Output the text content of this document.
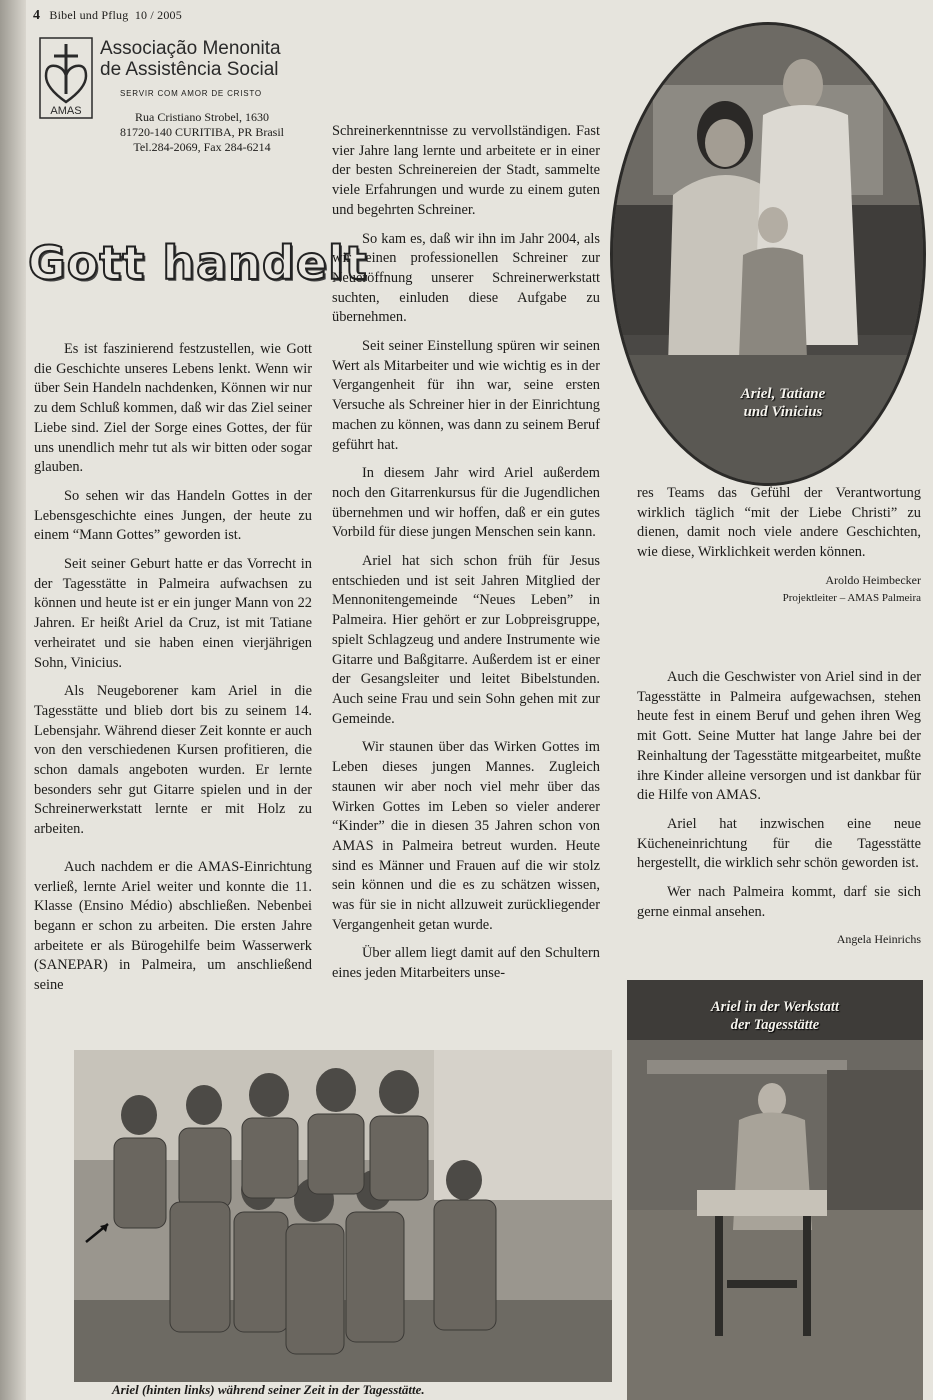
4 Bibel und Pflug 10 / 2005
AMAS
Associação Menonita
de Assistência Social
SERVIR COM AMOR DE CRISTO
Rua Cristiano Strobel, 1630
81720-140 CURITIBA, PR Brasil
Tel.284-2069, Fax 284-6214
Gott handelt

Es ist faszinierend festzustellen, wie Gott die Geschichte unseres Lebens lenkt. Wenn wir über Sein Handeln nachdenken, Können wir nur zu dem Schluß kommen, daß wir das Ziel seiner Liebe sind. Ziel der Sorge eines Gottes, der für uns unendlich mehr tut als wir bitten oder sogar glauben.

So sehen wir das Handeln Gottes in der Lebensgeschichte eines Jungen, der heute zu einem “Mann Gottes” geworden ist.

Seit seiner Geburt hatte er das Vorrecht in der Tagesstätte in Palmeira aufwachsen zu können und heute ist er ein junger Mann von 22 Jahren. Er heißt Ariel da Cruz, ist mit Tatiane verheiratet und sie haben einen vierjährigen Sohn, Vinicius.

Als Neugeborener kam Ariel in die Tagesstätte und blieb dort bis zu seinem 14. Lebensjahr. Während dieser Zeit konnte er auch von den verschiedenen Kursen profitieren, die schon damals angeboten wurden. Er lernte besonders sehr gut Gitarre spielen und in der Schreinerwerkstatt lernte er mit Holz zu arbeiten.

Auch nachdem er die AMAS-Einrichtung verließ, lernte Ariel weiter und konnte die 11. Klasse (Ensino Médio) abschließen. Nebenbei begann er schon zu arbeiten. Die ersten Jahre arbeitete er als Bürogehilfe beim Wasserwerk (SANEPAR) in Palmeira, um anschließend seine

Schreinerkenntnisse zu vervollständigen. Fast vier Jahre lang lernte und arbeitete er in einer der besten Schreinereien der Stadt, sammelte viele Erfahrungen und wurde zu einem guten und begehrten Schreiner.

So kam es, daß wir ihn im Jahr 2004, als wir einen professionellen Schreiner zur Neueröffnung unserer Schreinerwerkstatt suchten, einluden diese Aufgabe zu übernehmen.

Seit seiner Einstellung spüren wir seinen Wert als Mitarbeiter und wie wichtig es in der Vergangenheit für ihn war, seine ersten Versuche als Schreiner hier in der Einrichtung machen zu können, was dann zu seinem Beruf geführt hat.

In diesem Jahr wird Ariel außerdem noch den Gitarrenkursus für die Jugendlichen übernehmen und wir hoffen, daß er ein gutes Vorbild für diese jungen Menschen sein kann.

Ariel hat sich schon früh für Jesus entschieden und ist seit Jahren Mitglied der Mennonitengemeinde “Neues Leben” in Palmeira. Hier gehört er zur Lobpreisgruppe, spielt Schlagzeug und andere Instrumente wie Gitarre und Baßgitarre. Außerdem ist er einer der Gesangsleiter und leitet Bibelstunden. Auch seine Frau und sein Sohn gehen mit zur Gemeinde.

Wir staunen über das Wirken Gottes im Leben dieses jungen Mannes. Zugleich staunen wir aber noch viel mehr über das Wirken Gottes im Leben so vieler anderer “Kinder” die in diesen 35 Jahren schon von AMAS in Palmeira betreut wurden. Heute sind es Männer und Frauen auf die wir stolz sein können und die es zu schätzen wissen, was für sie in nicht allzuweit zurückliegender Vergangenheit getan wurde.

Über allem liegt damit auf den Schultern eines jeden Mitarbeiters unse-

res Teams das Gefühl der Verantwortung wirklich täglich “mit der Liebe Christi” zu dienen, damit noch viele andere Geschichten, wie diese, Wirklichkeit werden können.

Aroldo Heimbecker
Projektleiter – AMAS Palmeira

Auch die Geschwister von Ariel sind in der Tagesstätte in Palmeira aufgewachsen, stehen heute fest in einem Beruf und gehen ihren Weg mit Gott. Seine Mutter hat lange Jahre bei der Reinhaltung der Tagesstätte mitgearbeitet, mußte ihre Kinder alleine versorgen und ist dankbar für die Hilfe von AMAS.

Ariel hat inzwischen eine neue Kücheneinrichtung für die Tagesstätte hergestellt, die wirklich sehr schön geworden ist.

Wer nach Palmeira kommt, darf sie sich gerne einmal ansehen.

Angela Heinrichs
Ariel, Tatiane
und Vinicius
Ariel (hinten links) während seiner Zeit in der Tagesstätte.
Ariel in der Werkstatt
der Tagesstätte
